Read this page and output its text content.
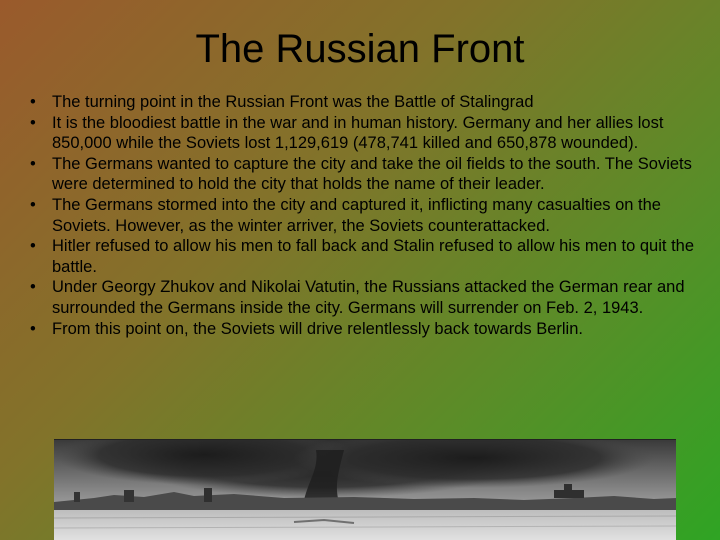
The Russian Front
• The turning point in the Russian Front was the Battle of Stalingrad
• It is the bloodiest battle in the war and in human history. Germany and her allies lost 850,000 while the Soviets lost 1,129,619 (478,741 killed and 650,878 wounded).
• The Germans wanted to capture the city and take the oil fields to the south. The Soviets were determined to hold the city that holds the name of their leader.
• The Germans stormed into the city and captured it, inflicting many casualties on the Soviets. However, as the winter arriver, the Soviets counterattacked.
• Hitler refused to allow his men to fall back and Stalin refused to allow his men to quit the battle.
• Under Georgy Zhukov and Nikolai Vatutin, the Russians attacked the German rear and surrounded the Germans inside the city. Germans will surrender on Feb. 2, 1943.
• From this point on, the Soviets will drive relentlessly back towards Berlin.
